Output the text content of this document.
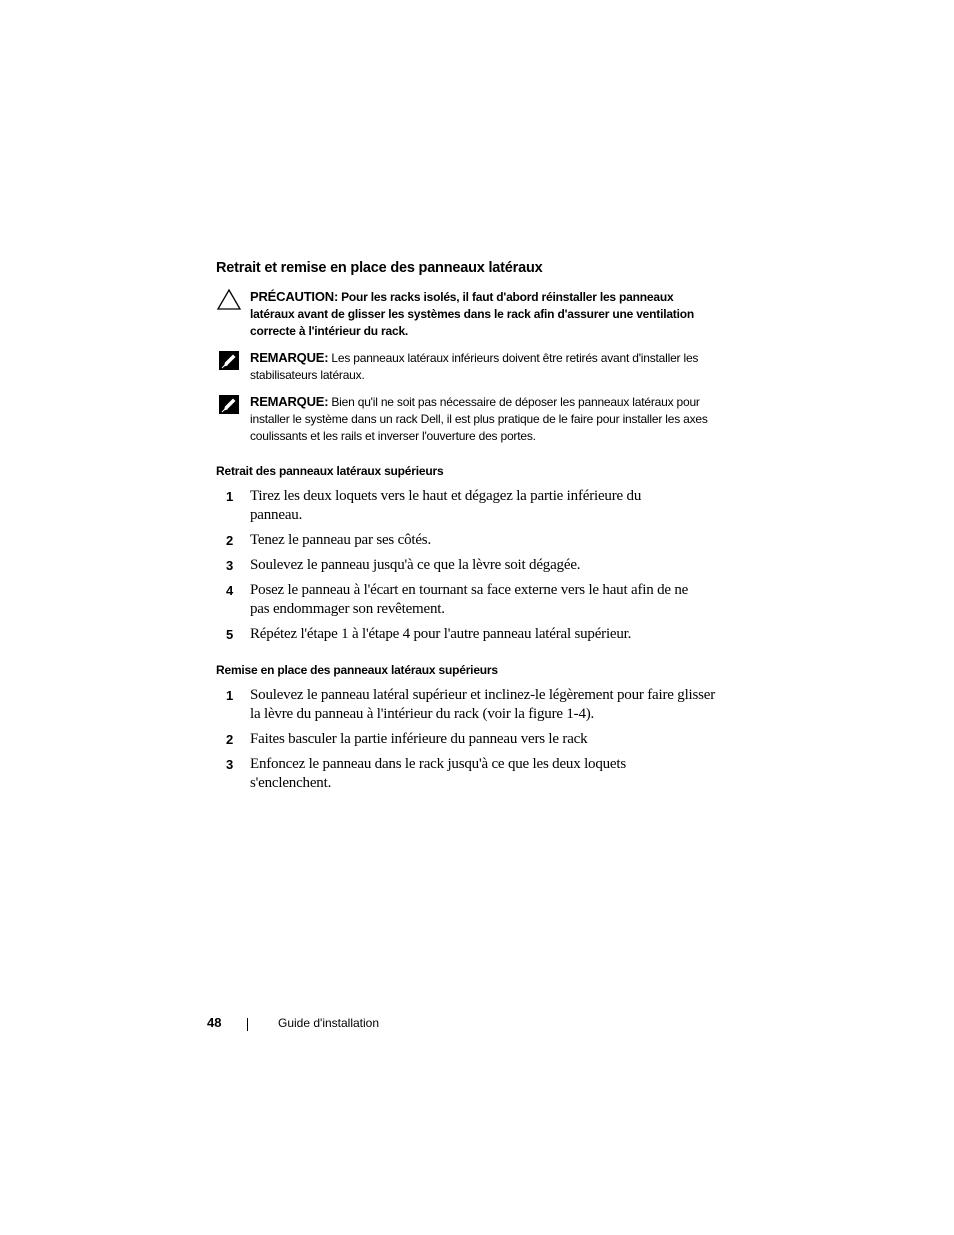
Retrait et remise en place des panneaux latéraux
PRÉCAUTION: Pour les racks isolés, il faut d'abord réinstaller les panneaux latéraux avant de glisser les systèmes dans le rack afin d'assurer une ventilation correcte à l'intérieur du rack.
REMARQUE: Les panneaux latéraux inférieurs doivent être retirés avant d'installer les stabilisateurs latéraux.
REMARQUE: Bien qu'il ne soit pas nécessaire de déposer les panneaux latéraux pour installer le système dans un rack Dell, il est plus pratique de le faire pour installer les axes coulissants et les rails et inverser l'ouverture des portes.
Retrait des panneaux latéraux supérieurs
1 Tirez les deux loquets vers le haut et dégagez la partie inférieure du panneau.
2 Tenez le panneau par ses côtés.
3 Soulevez le panneau jusqu'à ce que la lèvre soit dégagée.
4 Posez le panneau à l'écart en tournant sa face externe vers le haut afin de ne pas endommager son revêtement.
5 Répétez l'étape 1 à l'étape 4 pour l'autre panneau latéral supérieur.
Remise en place des panneaux latéraux supérieurs
1 Soulevez le panneau latéral supérieur et inclinez-le légèrement pour faire glisser la lèvre du panneau à l'intérieur du rack (voir la figure 1-4).
2 Faites basculer la partie inférieure du panneau vers le rack
3 Enfoncez le panneau dans le rack jusqu'à ce que les deux loquets s'enclenchent.
48	Guide d'installation
